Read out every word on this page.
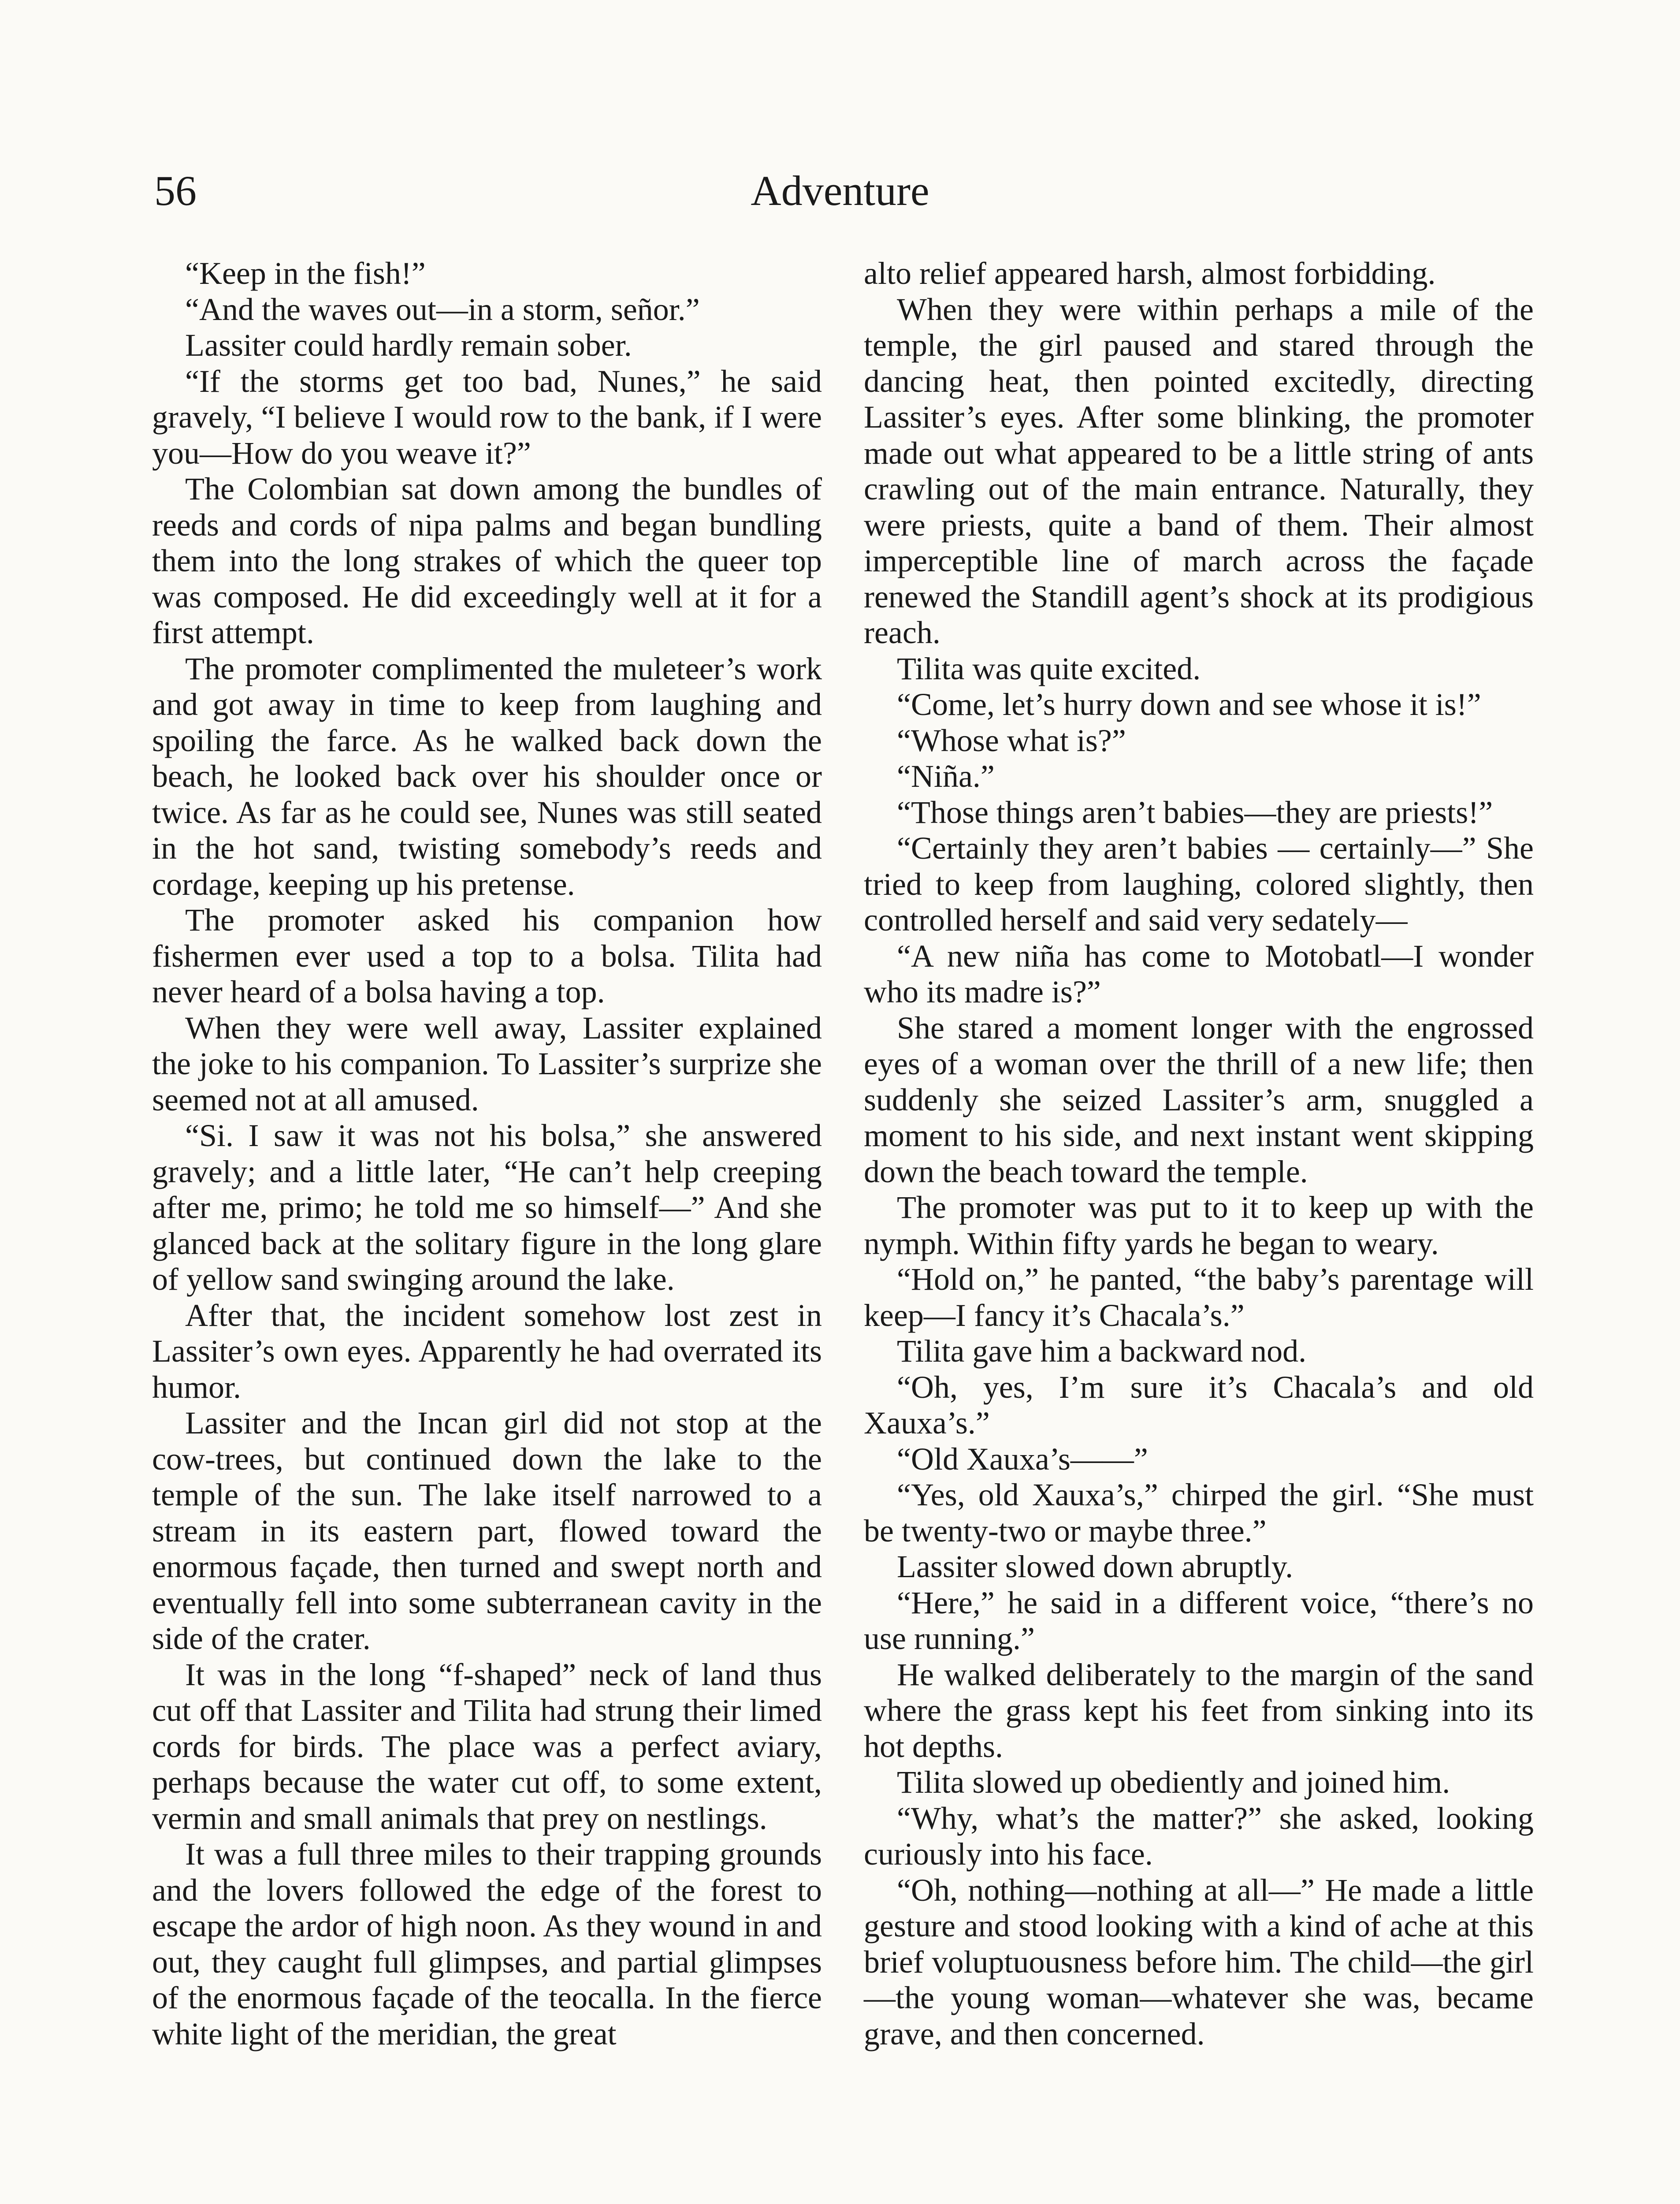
56	Adventure

“Keep in the fish!”

“And the waves out—in a storm, señor.”

Lassiter could hardly remain sober.

“If the storms get too bad, Nunes,” he said gravely, “I believe I would row to the bank, if I were you—How do you weave it?”

The Colombian sat down among the bundles of reeds and cords of nipa palms and began bundling them into the long strakes of which the queer top was composed. He did exceedingly well at it for a first attempt.

The promoter complimented the muleteer’s work and got away in time to keep from laughing and spoiling the farce. As he walked back down the beach, he looked back over his shoulder once or twice. As far as he could see, Nunes was still seated in the hot sand, twisting somebody’s reeds and cordage, keeping up his pretense.

The promoter asked his companion how fishermen ever used a top to a bolsa. Tilita had never heard of a bolsa having a top.

When they were well away, Lassiter explained the joke to his companion. To Lassiter’s surprize she seemed not at all amused.

“Si. I saw it was not his bolsa,” she answered gravely; and a little later, “He can’t help creeping after me, primo; he told me so himself—” And she glanced back at the solitary figure in the long glare of yellow sand swinging around the lake.

After that, the incident somehow lost zest in Lassiter’s own eyes. Apparently he had overrated its humor.

Lassiter and the Incan girl did not stop at the cow-trees, but continued down the lake to the temple of the sun. The lake itself narrowed to a stream in its eastern part, flowed toward the enormous façade, then turned and swept north and eventually fell into some subterranean cavity in the side of the crater.

It was in the long “f-shaped” neck of land thus cut off that Lassiter and Tilita had strung their limed cords for birds. The place was a perfect aviary, perhaps because the water cut off, to some extent, vermin and small animals that prey on nestlings.

It was a full three miles to their trapping grounds and the lovers followed the edge of the forest to escape the ardor of high noon. As they wound in and out, they caught full glimpses, and partial glimpses of the enormous façade of the teocalla. In the fierce white light of the meridian, the great

alto relief appeared harsh, almost forbidding.

When they were within perhaps a mile of the temple, the girl paused and stared through the dancing heat, then pointed excitedly, directing Lassiter’s eyes. After some blinking, the promoter made out what appeared to be a little string of ants crawling out of the main entrance. Naturally, they were priests, quite a band of them. Their almost imperceptible line of march across the façade renewed the Standill agent’s shock at its prodigious reach.

Tilita was quite excited.

“Come, let’s hurry down and see whose it is!”

“Whose what is?”

“Niña.”

“Those things aren’t babies—they are priests!”

“Certainly they aren’t babies — certainly—” She tried to keep from laughing, colored slightly, then controlled herself and said very sedately—

“A new niña has come to Motobatl—I wonder who its madre is?”

She stared a moment longer with the engrossed eyes of a woman over the thrill of a new life; then suddenly she seized Lassiter’s arm, snuggled a moment to his side, and next instant went skipping down the beach toward the temple.

The promoter was put to it to keep up with the nymph. Within fifty yards he began to weary.

“Hold on,” he panted, “the baby’s parentage will keep—I fancy it’s Chacala’s.”

Tilita gave him a backward nod.

“Oh, yes, I’m sure it’s Chacala’s and old Xauxa’s.”

“Old Xauxa’s——”

“Yes, old Xauxa’s,” chirped the girl. “She must be twenty-two or maybe three.”

Lassiter slowed down abruptly.

“Here,” he said in a different voice, “there’s no use running.”

He walked deliberately to the margin of the sand where the grass kept his feet from sinking into its hot depths.

Tilita slowed up obediently and joined him.

“Why, what’s the matter?” she asked, looking curiously into his face.

“Oh, nothing—nothing at all—” He made a little gesture and stood looking with a kind of ache at this brief voluptuousness before him. The child—the girl—the young woman—whatever she was, became grave, and then concerned.
